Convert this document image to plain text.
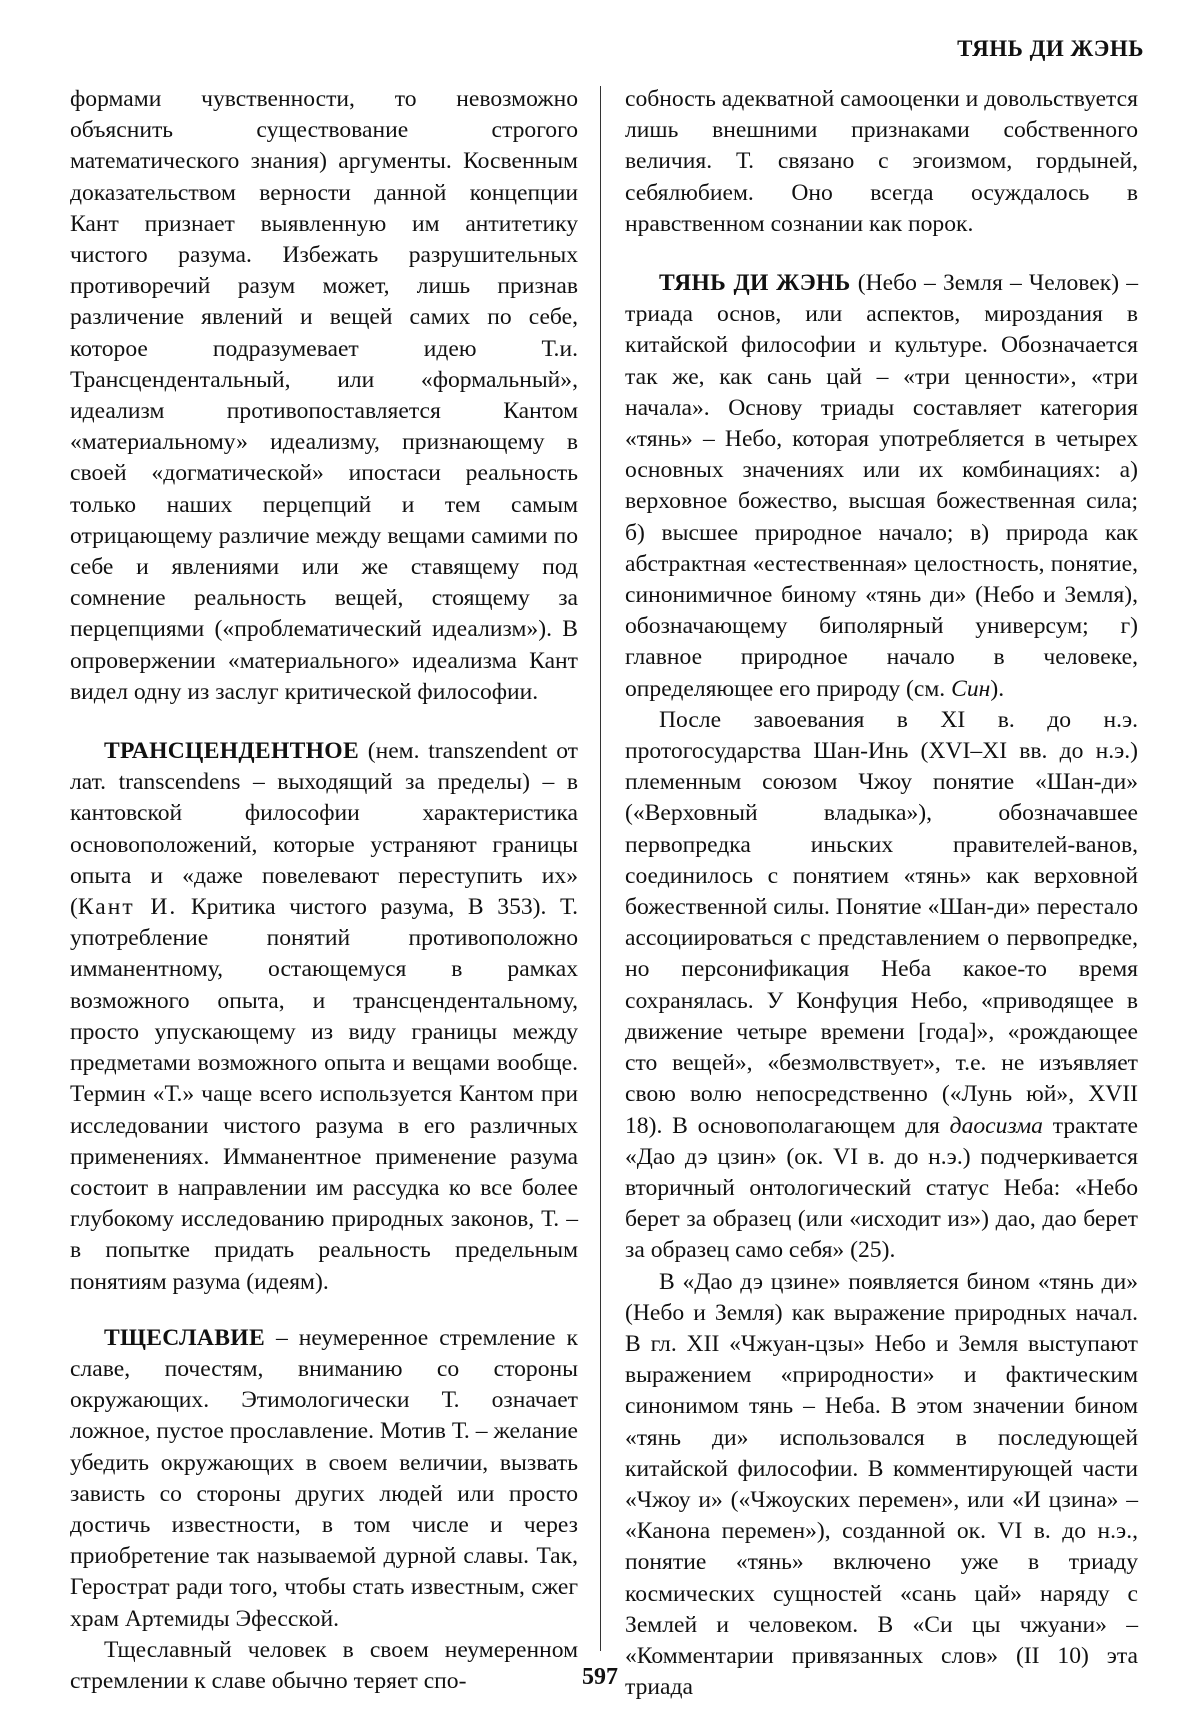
ТЯНЬ ДИ ЖЭНЬ

формами чувственности, то невозможно объяснить существование строгого математического знания) аргументы. Косвенным доказательством верности данной концепции Кант признает выявленную им антитетику чистого разума. Избежать разрушительных противоречий разум может, лишь признав различение явлений и вещей самих по себе, которое подразумевает идею Т.и. Трансцендентальный, или «формальный», идеализм противопоставляется Кантом «материальному» идеализму, признающему в своей «догматической» ипостаси реальность только наших перцепций и тем самым отрицающему различие между вещами самими по себе и явлениями или же ставящему под сомнение реальность вещей, стоящему за перцепциями («проблематический идеализм»). В опровержении «материального» идеализма Кант видел одну из заслуг критической философии.

ТРАНСЦЕНДЕНТНОЕ (нем. transzendent от лат. transcendens – выходящий за пределы) – в кантовской философии характеристика основоположений, которые устраняют границы опыта и «даже повелевают переступить их» (Кант И. Критика чистого разума, B 353). Т. употребление понятий противоположно имманентному, остающемуся в рамках возможного опыта, и трансцендентальному, просто упускающему из виду границы между предметами возможного опыта и вещами вообще. Термин «Т.» чаще всего используется Кантом при исследовании чистого разума в его различных применениях. Имманентное применение разума состоит в направлении им рассудка ко все более глубокому исследованию природных законов, Т. – в попытке придать реальность предельным понятиям разума (идеям).

ТЩЕСЛАВИЕ – неумеренное стремление к славе, почестям, вниманию со стороны окружающих. Этимологически Т. означает ложное, пустое прославление. Мотив Т. – желание убедить окружающих в своем величии, вызвать зависть со стороны других людей или просто достичь известности, в том числе и через приобретение так называемой дурной славы. Так, Герострат ради того, чтобы стать известным, сжег храм Артемиды Эфесской.

Тщеславный человек в своем неумеренном стремлении к славе обычно теряет спо-

собность адекватной самооценки и довольствуется лишь внешними признаками собственного величия. Т. связано с эгоизмом, гордыней, себялюбием. Оно всегда осуждалось в нравственном сознании как порок.

ТЯНЬ ДИ ЖЭНЬ (Небо – Земля – Человек) – триада основ, или аспектов, мироздания в китайской философии и культуре. Обозначается так же, как сань цай – «три ценности», «три начала». Основу триады составляет категория «тянь» – Небо, которая употребляется в четырех основных значениях или их комбинациях: а) верховное божество, высшая божественная сила; б) высшее природное начало; в) природа как абстрактная «естественная» целостность, понятие, синонимичное биному «тянь ди» (Небо и Земля), обозначающему биполярный универсум; г) главное природное начало в человеке, определяющее его природу (см. Син).

После завоевания в XI в. до н.э. протогосударства Шан-Инь (XVI–XI вв. до н.э.) племенным союзом Чжоу понятие «Шан-ди» («Верховный владыка»), обозначавшее первопредка иньских правителей-ванов, соединилось с понятием «тянь» как верховной божественной силы. Понятие «Шан-ди» перестало ассоциироваться с представлением о первопредке, но персонификация Неба какое-то время сохранялась. У Конфуция Небо, «приводящее в движение четыре времени [года]», «рождающее сто вещей», «безмолвствует», т.е. не изъявляет свою волю непосредственно («Лунь юй», XVII 18). В основополагающем для даосизма трактате «Дао дэ цзин» (ок. VI в. до н.э.) подчеркивается вторичный онтологический статус Неба: «Небо берет за образец (или «исходит из») дао, дао берет за образец само себя» (25).

В «Дао дэ цзине» появляется бином «тянь ди» (Небо и Земля) как выражение природных начал. В гл. XII «Чжуан-цзы» Небо и Земля выступают выражением «природности» и фактическим синонимом тянь – Неба. В этом значении бином «тянь ди» использовался в последующей китайской философии. В комментирующей части «Чжоу и» («Чжоуских перемен», или «И цзина» – «Канона перемен»), созданной ок. VI в. до н.э., понятие «тянь» включено уже в триаду космических сущностей «сань цай» наряду с Землей и человеком. В «Си цы чжуани» – «Комментарии привязанных слов» (II 10) эта триада

597
